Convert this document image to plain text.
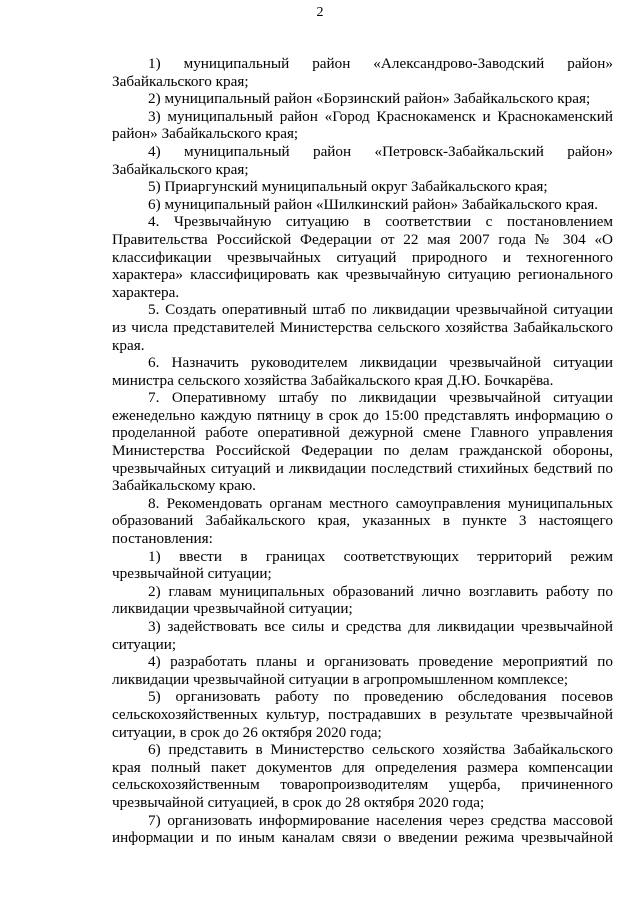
2

1) муниципальный район «Александрово-Заводский район» Забайкальского края;

2) муниципальный район «Борзинский район» Забайкальского края;

3) муниципальный район «Город Краснокаменск и Краснокаменский район» Забайкальского края;

4) муниципальный район «Петровск-Забайкальский район» Забайкальского края;

5) Приаргунский муниципальный округ Забайкальского края;

6) муниципальный район «Шилкинский район» Забайкальского края.

4. Чрезвычайную ситуацию в соответствии с постановлением Правительства Российской Федерации от 22 мая 2007 года № 304 «О классификации чрезвычайных ситуаций природного и техногенного характера» классифицировать как чрезвычайную ситуацию регионального характера.

5. Создать оперативный штаб по ликвидации чрезвычайной ситуации из числа представителей Министерства сельского хозяйства Забайкальского края.

6. Назначить руководителем ликвидации чрезвычайной ситуации министра сельского хозяйства Забайкальского края Д.Ю. Бочкарёва.

7. Оперативному штабу по ликвидации чрезвычайной ситуации еженедельно каждую пятницу в срок до 15:00 представлять информацию о проделанной работе оперативной дежурной смене Главного управления Министерства Российской Федерации по делам гражданской обороны, чрезвычайных ситуаций и ликвидации последствий стихийных бедствий по Забайкальскому краю.

8. Рекомендовать органам местного самоуправления муниципальных образований Забайкальского края, указанных в пункте 3 настоящего постановления:

1) ввести в границах соответствующих территорий режим чрезвычайной ситуации;

2) главам муниципальных образований лично возглавить работу по ликвидации чрезвычайной ситуации;

3) задействовать все силы и средства для ликвидации чрезвычайной ситуации;

4) разработать планы и организовать проведение мероприятий по ликвидации чрезвычайной ситуации в агропромышленном комплексе;

5) организовать работу по проведению обследования посевов сельскохозяйственных культур, пострадавших в результате чрезвычайной ситуации, в срок до 26 октября 2020 года;

6) представить в Министерство сельского хозяйства Забайкальского края полный пакет документов для определения размера компенсации сельскохозяйственным товаропроизводителям ущерба, причиненного чрезвычайной ситуацией, в срок до 28 октября 2020 года;

7) организовать информирование населения через средства массовой информации и по иным каналам связи о введении режима чрезвычайной
